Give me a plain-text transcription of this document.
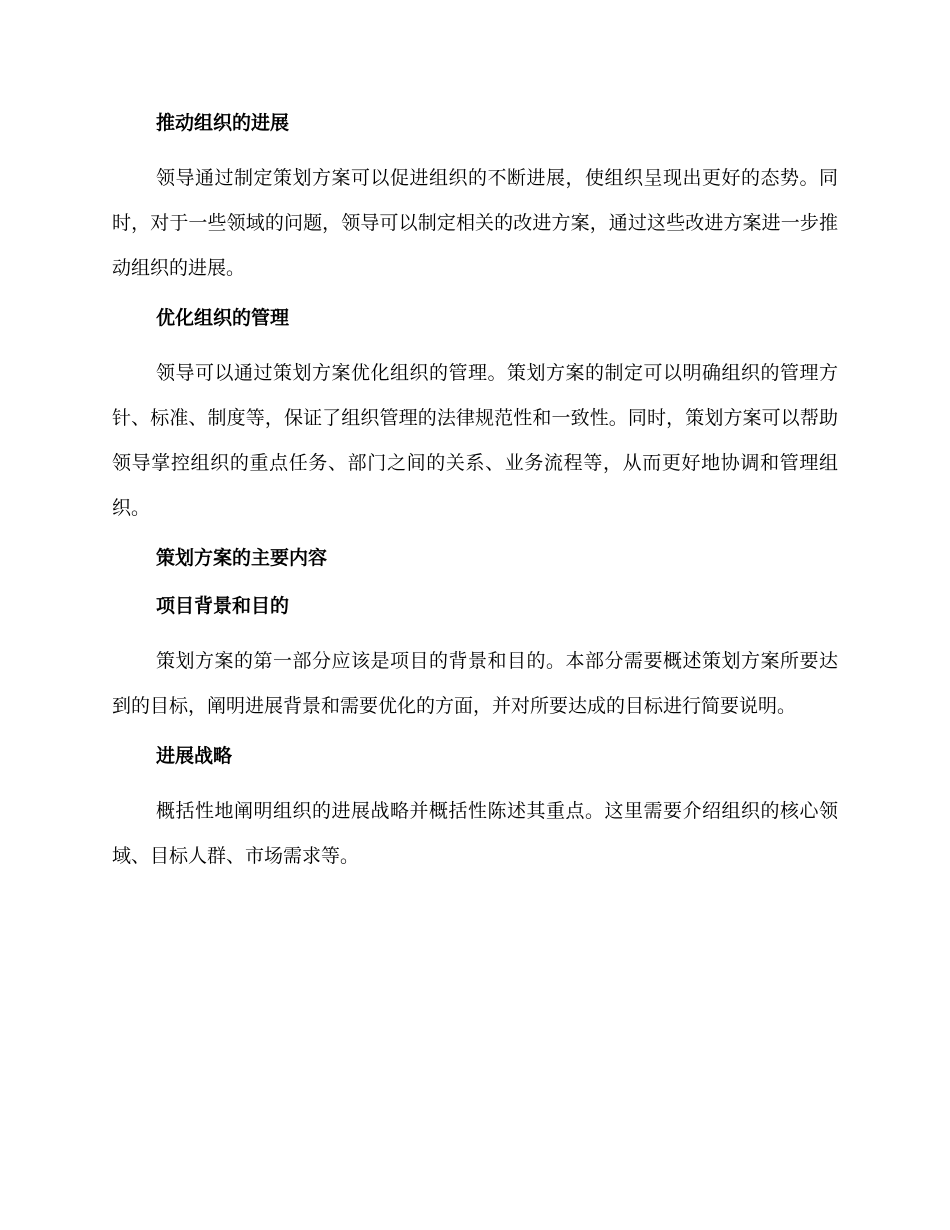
推动组织的进展

领导通过制定策划方案可以促进组织的不断进展，使组织呈现出更好的态势。同时，对于一些领域的问题，领导可以制定相关的改进方案，通过这些改进方案进一步推动组织的进展。

优化组织的管理

领导可以通过策划方案优化组织的管理。策划方案的制定可以明确组织的管理方针、标准、制度等，保证了组织管理的法律规范性和一致性。同时，策划方案可以帮助领导掌控组织的重点任务、部门之间的关系、业务流程等，从而更好地协调和管理组织。

策划方案的主要内容
项目背景和目的

策划方案的第一部分应该是项目的背景和目的。本部分需要概述策划方案所要达到的目标，阐明进展背景和需要优化的方面，并对所要达成的目标进行简要说明。

进展战略

概括性地阐明组织的进展战略并概括性陈述其重点。这里需要介绍组织的核心领域、目标人群、市场需求等。
